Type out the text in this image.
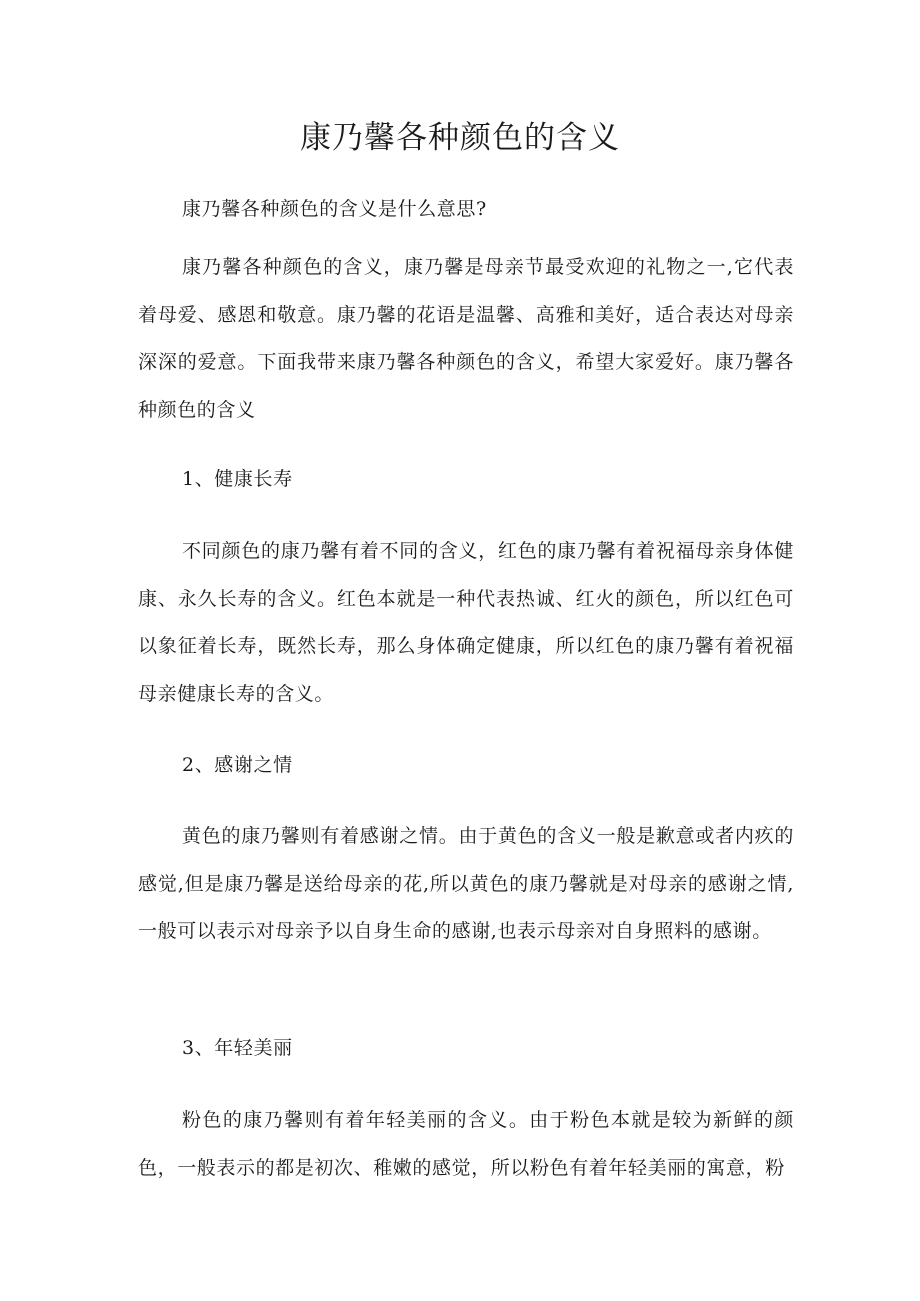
康乃馨各种颜色的含义

康乃馨各种颜色的含义是什么意思?

康乃馨各种颜色的含义，康乃馨是母亲节最受欢迎的礼物之一,它代表着母爱、感恩和敬意。康乃馨的花语是温馨、高雅和美好，适合表达对母亲深深的爱意。下面我带来康乃馨各种颜色的含义，希望大家爱好。康乃馨各种颜色的含义

1、健康长寿

不同颜色的康乃馨有着不同的含义，红色的康乃馨有着祝福母亲身体健康、永久长寿的含义。红色本就是一种代表热诚、红火的颜色，所以红色可以象征着长寿，既然长寿，那么身体确定健康，所以红色的康乃馨有着祝福母亲健康长寿的含义。

2、感谢之情

黄色的康乃馨则有着感谢之情。由于黄色的含义一般是歉意或者内疚的感觉,但是康乃馨是送给母亲的花,所以黄色的康乃馨就是对母亲的感谢之情,一般可以表示对母亲予以自身生命的感谢,也表示母亲对自身照料的感谢。

3、年轻美丽

粉色的康乃馨则有着年轻美丽的含义。由于粉色本就是较为新鲜的颜色，一般表示的都是初次、稚嫩的感觉，所以粉色有着年轻美丽的寓意，粉
